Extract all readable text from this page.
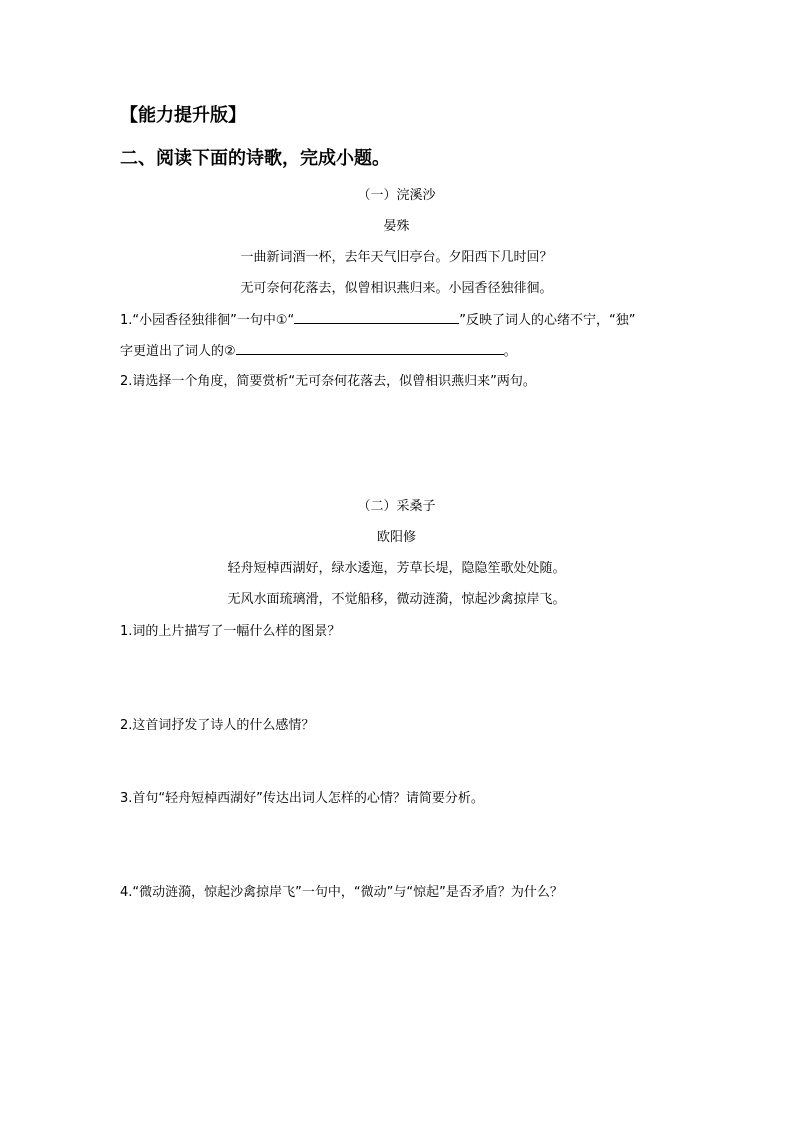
【能力提升版】
二、阅读下面的诗歌，完成小题。
（一）浣溪沙
晏殊
一曲新词酒一杯，去年天气旧亭台。夕阳西下几时回？
无可奈何花落去，似曾相识燕归来。小园香径独徘徊。
1.“小园香径独徘徊”一句中①“	”反映了词人的心绪不宁，“独”
字更道出了词人的②	。
2.请选择一个角度，简要赏析“无可奈何花落去，似曾相识燕归来”两句。
（二）采桑子
欧阳修
轻舟短棹西湖好，绿水逶迤，芳草长堤，隐隐笙歌处处随。
无风水面琉璃滑，不觉船移，微动涟漪，惊起沙禽掠岸飞。
1.词的上片描写了一幅什么样的图景？
2.这首词抒发了诗人的什么感情？
3.首句“轻舟短棹西湖好”传达出词人怎样的心情？请简要分析。
4.“微动涟漪，惊起沙禽掠岸飞”一句中，“微动”与“惊起”是否矛盾？为什么？
